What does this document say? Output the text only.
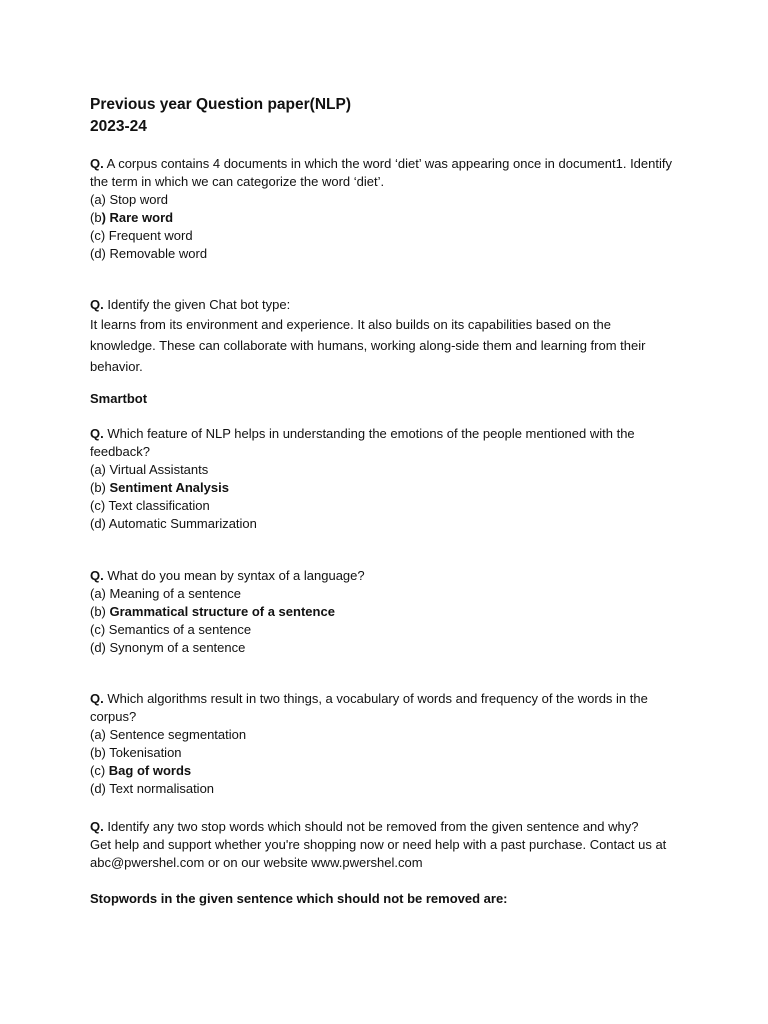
Previous year Question paper(NLP)
2023-24
Q. A corpus contains 4 documents in which the word ‘diet’ was appearing once in document1. Identify the term in which we can categorize the word ‘diet’.
(a) Stop word
(b) Rare word
(c) Frequent word
(d) Removable word
Q. Identify the given Chat bot type:
It learns from its environment and experience. It also builds on its capabilities based on the knowledge. These can collaborate with humans, working along-side them and learning from their behavior.
Smartbot
Q. Which feature of NLP helps in understanding the emotions of the people mentioned with the feedback?
(a) Virtual Assistants
(b) Sentiment Analysis
(c) Text classification
(d) Automatic Summarization
Q. What do you mean by syntax of a language?
(a) Meaning of a sentence
(b) Grammatical structure of a sentence
(c) Semantics of a sentence
(d) Synonym of a sentence
Q. Which algorithms result in two things, a vocabulary of words and frequency of the words in the corpus?
(a) Sentence segmentation
(b) Tokenisation
(c) Bag of words
(d) Text normalisation
Q. Identify any two stop words which should not be removed from the given sentence and why?
Get help and support whether you're shopping now or need help with a past purchase. Contact us at abc@pwershel.com or on our website www.pwershel.com
Stopwords in the given sentence which should not be removed are:
